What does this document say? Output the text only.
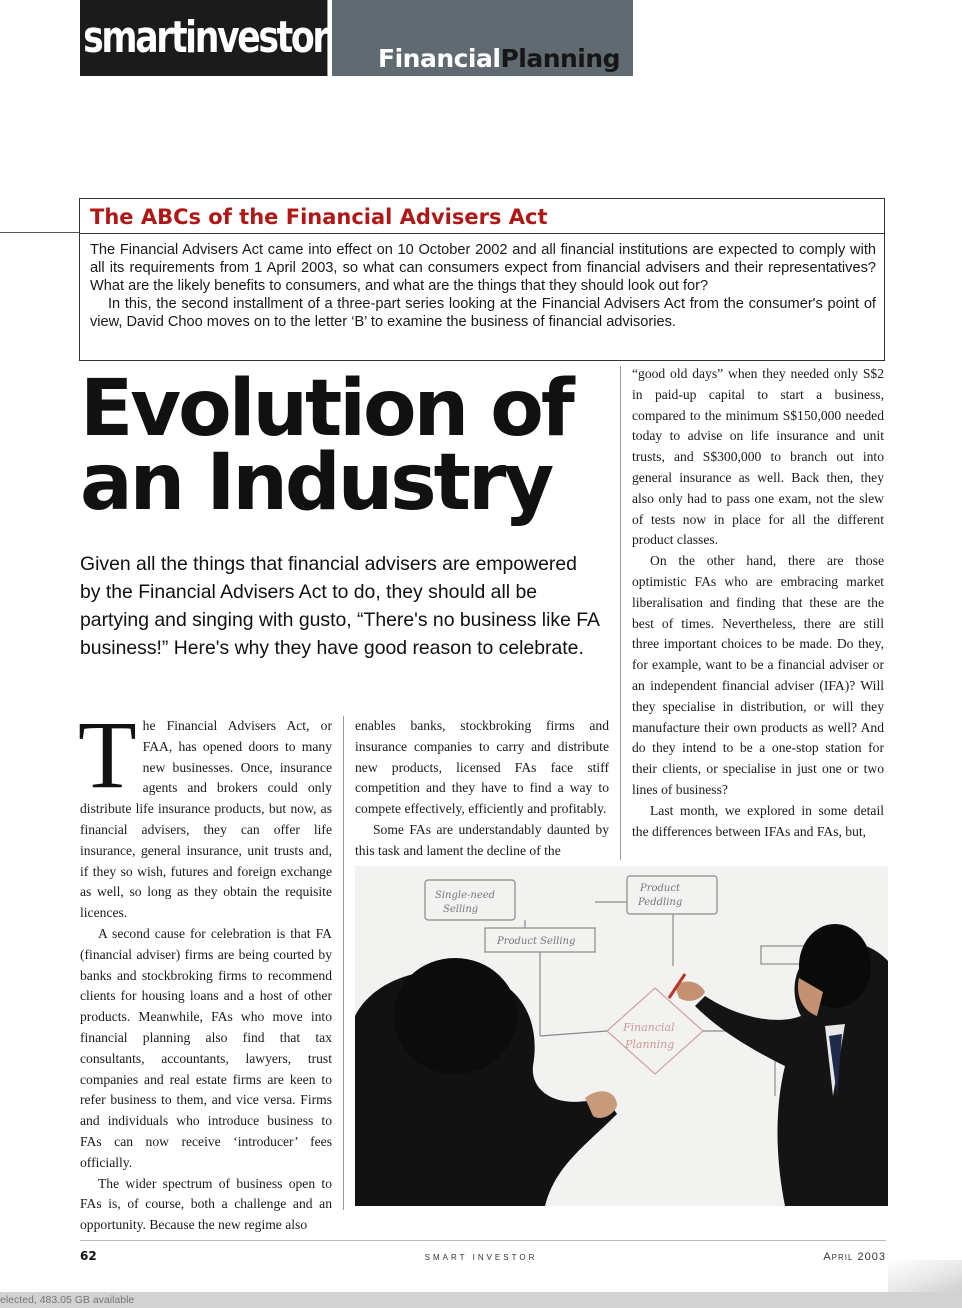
smartinvestor FinancialPlanning
The ABCs of the Financial Advisers Act

The Financial Advisers Act came into effect on 10 October 2002 and all financial institutions are expected to comply with all its requirements from 1 April 2003, so what can consumers expect from financial advisers and their representatives? What are the likely benefits to consumers, and what are the things that they should look out for?

In this, the second installment of a three-part series looking at the Financial Advisers Act from the consumer's point of view, David Choo moves on to the letter ‘B’ to examine the business of financial advisories.

Evolution of
an Industry
Given all the things that financial advisers are empowered by the Financial Advisers Act to do, they should all be partying and singing with gusto, “There's no business like FA business!” Here's why they have good reason to celebrate.

The Financial Advisers Act, or FAA, has opened doors to many new businesses. Once, insurance agents and brokers could only distribute life insurance products, but now, as financial advisers, they can offer life insurance, general insurance, unit trusts and, if they so wish, futures and foreign exchange as well, so long as they obtain the requisite licences.

A second cause for celebration is that FA (financial adviser) firms are being courted by banks and stockbroking firms to recommend clients for housing loans and a host of other products. Meanwhile, FAs who move into financial planning also find that tax consultants, accountants, lawyers, trust companies and real estate firms are keen to refer business to them, and vice versa. Firms and individuals who introduce business to FAs can now receive ‘introducer’ fees officially.

The wider spectrum of business open to FAs is, of course, both a challenge and an opportunity. Because the new regime also

enables banks, stockbroking firms and insurance companies to carry and distribute new products, licensed FAs face stiff competition and they have to find a way to compete effectively, efficiently and profitably.

Some FAs are understandably daunted by this task and lament the decline of the

“good old days” when they needed only S$2 in paid-up capital to start a business, compared to the minimum S$150,000 needed today to advise on life insurance and unit trusts, and S$300,000 to branch out into general insurance as well. Back then, they also only had to pass one exam, not the slew of tests now in place for all the different product classes.

On the other hand, there are those optimistic FAs who are embracing market liberalisation and finding that these are the best of times. Nevertheless, there are still three important choices to be made. Do they, for example, want to be a financial adviser or an independent financial adviser (IFA)? Will they specialise in distribution, or will they manufacture their own products as well? And do they intend to be a one-stop station for their clients, or specialise in just one or two lines of business?

Last month, we explored in some detail the differences between IFAs and FAs, but,

Single-need
Selling
Product
Peddling
Product Selling
Financial
Planning
62	SMART INVESTOR	April 2003
elected, 483.05 GB available
